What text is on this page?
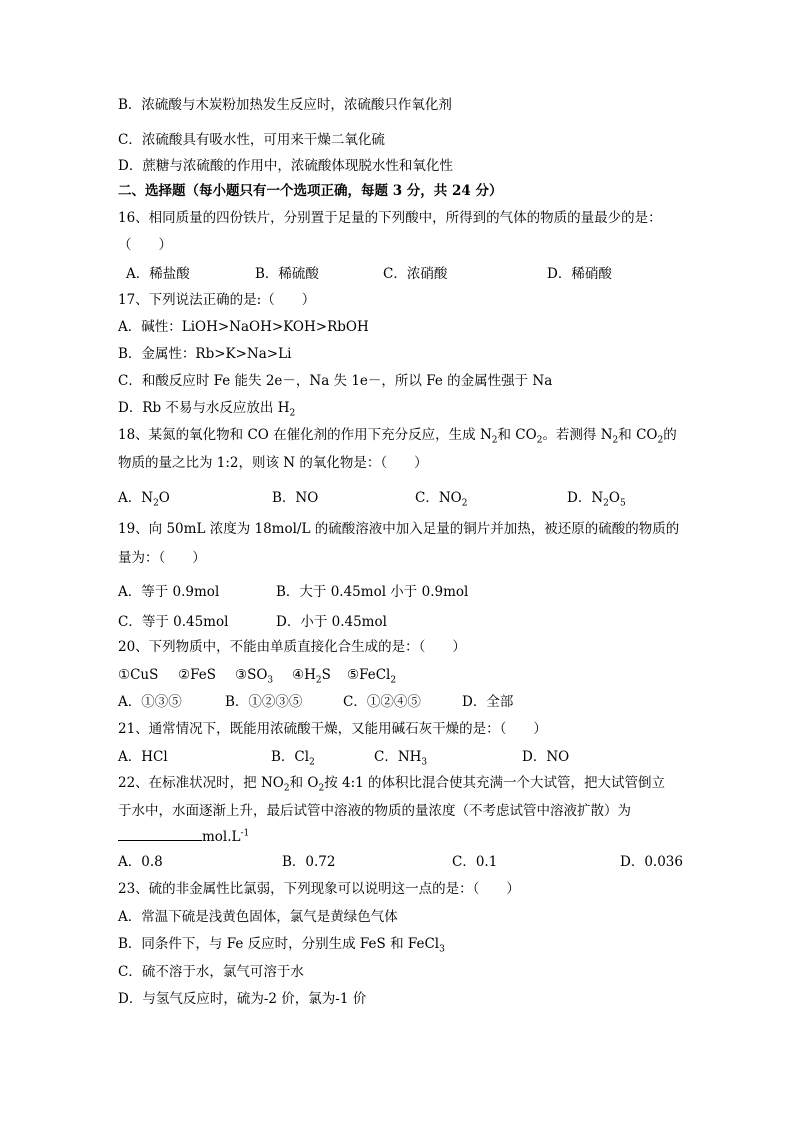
B．浓硫酸与木炭粉加热发生反应时，浓硫酸只作氧化剂
C．浓硫酸具有吸水性，可用来干燥二氧化硫
D．蔗糖与浓硫酸的作用中，浓硫酸体现脱水性和氧化性
二、选择题（每小题只有一个选项正确，每题 3 分，共 24 分）
16、相同质量的四份铁片，分别置于足量的下列酸中，所得到的气体的物质的量最少的是：
（　　）
A．稀盐酸	B．稀硫酸	C．浓硝酸	D．稀硝酸
17、下列说法正确的是:（　　）
A．碱性：LiOH>NaOH>KOH>RbOH
B．金属性：Rb>K>Na>Li
C．和酸反应时 Fe 能失 2e－，Na 失 1e－，所以 Fe 的金属性强于 Na
D．Rb 不易与水反应放出 $H_2$
18、某氮的氧化物和 CO 在催化剂的作用下充分反应，生成 $N_2$和 $CO_2$。若测得 $N_2$和 $CO_2$的
物质的量之比为 1:2，则该 N 的氧化物是：（　　）
A．$N_2O$	B．NO	C．$NO_2$	D．$N_2O_5$
19、向 50mL 浓度为 18mol/L 的硫酸溶液中加入足量的铜片并加热，被还原的硫酸的物质的
量为：（　　）
A．等于 0.9mol	B．大于 0.45mol 小于 0.9mol
C．等于 0.45mol	D．小于 0.45mol
20、下列物质中，不能由单质直接化合生成的是：（　　）
①CuS ②FeS $③SO_3$ $④H_2S$ ⑤FeCl$_2$
A．①③⑤	B．①②③⑤	C．①②④⑤	D．全部
21、通常情况下，既能用浓硫酸干燥，又能用碱石灰干燥的是：（　　）
A．HCl	B．$Cl_2$	C．$NH_3$	D．NO
22、在标准状况时，把 $NO_2$和 $O_2$按 4:1 的体积比混合使其充满一个大试管，把大试管倒立
于水中，水面逐渐上升，最后试管中溶液的物质的量浓度（不考虑试管中溶液扩散）为
$mol.L^{-1}$
A．0.8	B．0.72	C．0.1	D．0.036
23、硫的非金属性比氯弱，下列现象可以说明这一点的是：（　　）
A．常温下硫是浅黄色固体，氯气是黄绿色气体
B．同条件下，与 Fe 反应时，分别生成 FeS 和 FeCl$_3$
C．硫不溶于水，氯气可溶于水
D．与氢气反应时，硫为-2 价，氯为-1 价
